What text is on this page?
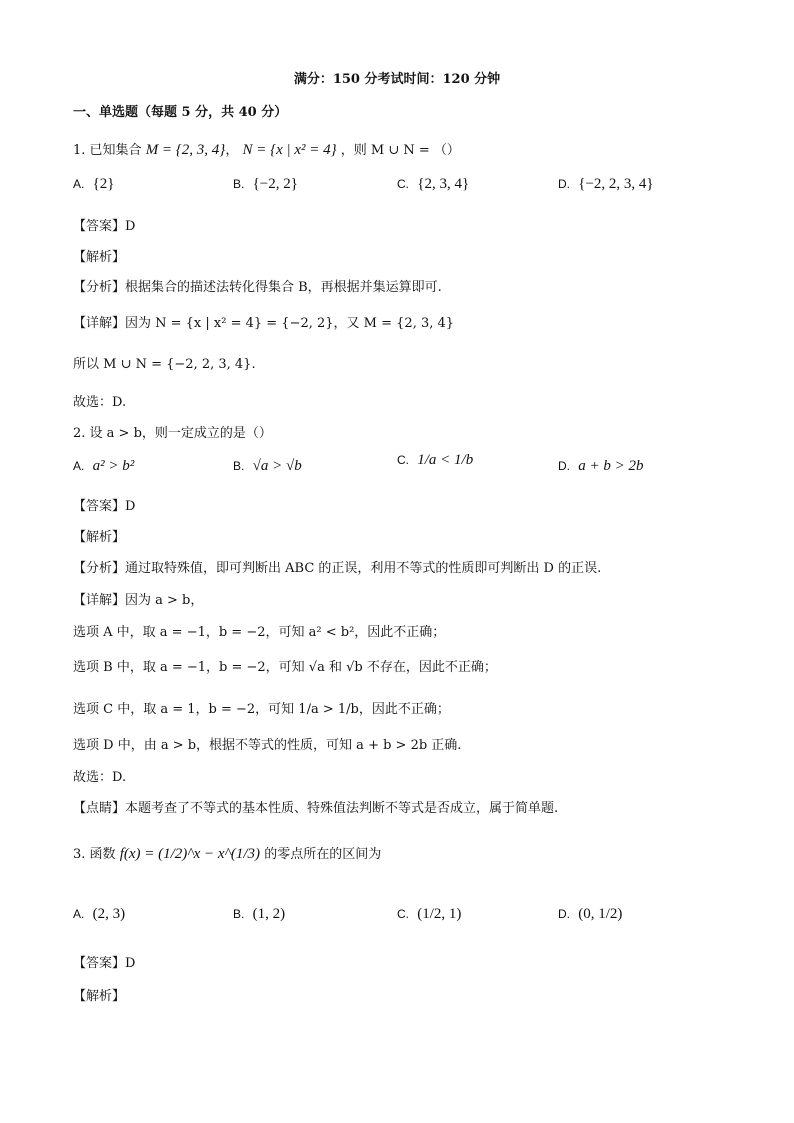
满分：150 分考试时间：120 分钟
一、单选题（每题 5 分，共 40 分）
1. 已知集合 M = {2, 3, 4}， N = {x | x² = 4} ，则 M ∪ N = （）
A. {2}	B. {−2, 2}	C. {2, 3, 4}	D. {−2, 2, 3, 4}
【答案】D
【解析】
【分析】根据集合的描述法转化得集合 B，再根据并集运算即可.
【详解】因为 N = {x | x² = 4} = {−2, 2}，又 M = {2, 3, 4}
所以 M ∪ N = {−2, 2, 3, 4}.
故选：D.
2. 设 a > b，则一定成立的是（）
A. a² > b²	B. √a > √b	C. 1/a < 1/b	D. a + b > 2b
【答案】D
【解析】
【分析】通过取特殊值，即可判断出 ABC 的正误，利用不等式的性质即可判断出 D 的正误.
【详解】因为 a > b，
选项 A 中，取 a = −1，b = −2，可知 a² < b²，因此不正确；
选项 B 中，取 a = −1，b = −2，可知 √a 和 √b 不存在，因此不正确；
选项 C 中，取 a = 1，b = −2，可知 1/a > 1/b，因此不正确；
选项 D 中，由 a > b，根据不等式的性质，可知 a + b > 2b 正确.
故选：D.
【点睛】本题考查了不等式的基本性质、特殊值法判断不等式是否成立，属于简单题.
3. 函数 f(x) = (1/2)^x − x^(1/3) 的零点所在的区间为
A. (2, 3)	B. (1, 2)	C. (1/2, 1)	D. (0, 1/2)
【答案】D
【解析】
